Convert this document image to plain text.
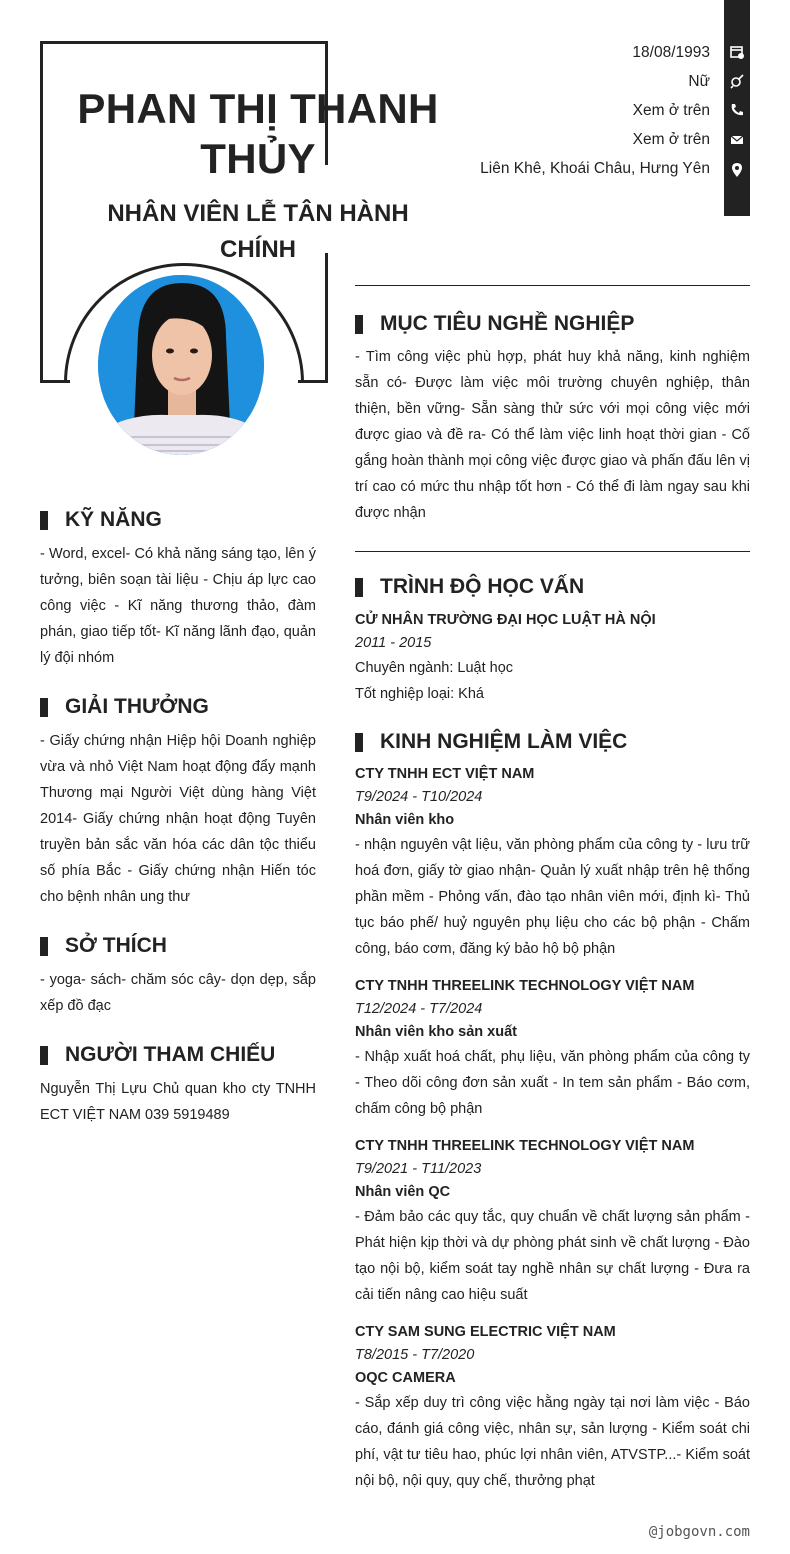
PHAN THỊ THANH THỦY
NHÂN VIÊN LỄ TÂN HÀNH CHÍNH
18/08/1993
Nữ
Xem ở trên
Xem ở trên
Liên Khê, Khoái Châu, Hưng Yên
KỸ NĂNG
- Word, excel- Có khả năng sáng tạo, lên ý tưởng, biên soạn tài liệu - Chịu áp lực cao công việc - Kĩ năng thương thảo, đàm phán, giao tiếp tốt- Kĩ năng lãnh đạo, quản lý đội nhóm
GIẢI THƯỞNG
- Giấy chứng nhận Hiệp hội Doanh nghiệp vừa và nhỏ Việt Nam hoạt động đẩy mạnh Thương mại Người Việt dùng hàng Việt 2014- Giấy chứng nhận hoạt động Tuyên truyền bản sắc văn hóa các dân tộc thiểu số phía Bắc - Giấy chứng nhận Hiến tóc cho bệnh nhân ung thư
SỞ THÍCH
- yoga- sách- chăm sóc cây- dọn dẹp, sắp xếp đồ đạc
NGƯỜI THAM CHIẾU
Nguyễn Thị Lựu Chủ quan kho cty TNHH ECT VIỆT NAM 039 5919489
MỤC TIÊU NGHỀ NGHIỆP
- Tìm công việc phù hợp, phát huy khả năng, kinh nghiệm sẵn có- Được làm việc môi trường chuyên nghiệp, thân thiện, bền vững- Sẵn sàng thử sức với mọi công việc mới được giao và đề ra- Có thể làm việc linh hoạt thời gian - Cố gắng hoàn thành mọi công việc được giao và phấn đấu lên vị trí cao có mức thu nhập tốt hơn - Có thể đi làm ngay sau khi được nhận
TRÌNH ĐỘ HỌC VẤN
CỬ NHÂN TRƯỜNG ĐẠI HỌC LUẬT HÀ NỘI
2011 - 2015
Chuyên ngành: Luật học
Tốt nghiệp loại: Khá
KINH NGHIỆM LÀM VIỆC
CTY TNHH ECT VIỆT NAM
T9/2024 - T10/2024
Nhân viên kho
- nhận nguyên vật liệu, văn phòng phẩm của công ty - lưu trữ hoá đơn, giấy tờ giao nhận- Quản lý xuất nhập trên hệ thống phần mềm - Phỏng vấn, đào tạo nhân viên mới, định kì- Thủ tục báo phế/ huỷ nguyên phụ liệu cho các bộ phận - Chấm công, báo cơm, đăng ký bảo hộ bộ phận
CTY TNHH THREELINK TECHNOLOGY VIỆT NAM
T12/2024 - T7/2024
Nhân viên kho sản xuất
- Nhập xuất hoá chất, phụ liệu, văn phòng phẩm của công ty - Theo dõi công đơn sản xuất - In tem sản phẩm - Báo cơm, chấm công bộ phận
CTY TNHH THREELINK TECHNOLOGY VIỆT NAM
T9/2021 - T11/2023
Nhân viên QC
- Đảm bảo các quy tắc, quy chuẩn về chất lượng sản phẩm - Phát hiện kịp thời và dự phòng phát sinh về chất lượng - Đào tạo nội bộ, kiểm soát tay nghề nhân sự chất lượng - Đưa ra cải tiến nâng cao hiệu suất
CTY SAM SUNG ELECTRIC VIỆT NAM
T8/2015 - T7/2020
OQC CAMERA
- Sắp xếp duy trì công việc hằng ngày tại nơi làm việc - Báo cáo, đánh giá công việc, nhân sự, sản lượng - Kiểm soát chi phí, vật tư tiêu hao, phúc lợi nhân viên, ATVSTP...- Kiểm soát nội bộ, nội quy, quy chế, thưởng phạt
@jobgovn.com
